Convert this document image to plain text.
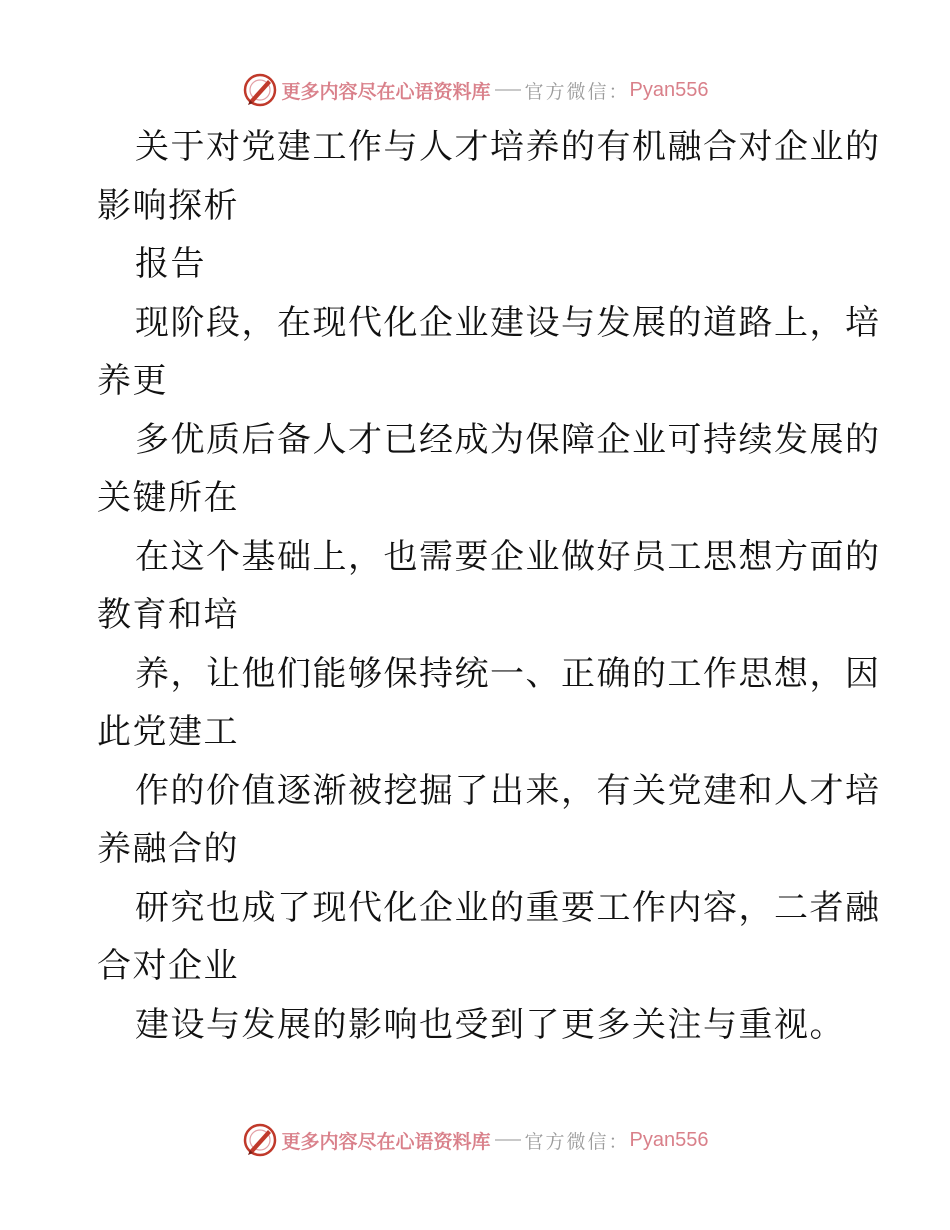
更多内容尽在心语资料库 官方微信： Pyan556
关于对党建工作与人才培养的有机融合对企业的
影响探析
报告
现阶段，在现代化企业建设与发展的道路上，培
养更
多优质后备人才已经成为保障企业可持续发展的
关键所在
在这个基础上，也需要企业做好员工思想方面的
教育和培
养，让他们能够保持统一、正确的工作思想，因
此党建工
作的价值逐渐被挖掘了出来，有关党建和人才培
养融合的
研究也成了现代化企业的重要工作内容，二者融
合对企业
建设与发展的影响也受到了更多关注与重视。
更多内容尽在心语资料库 官方微信： Pyan556
